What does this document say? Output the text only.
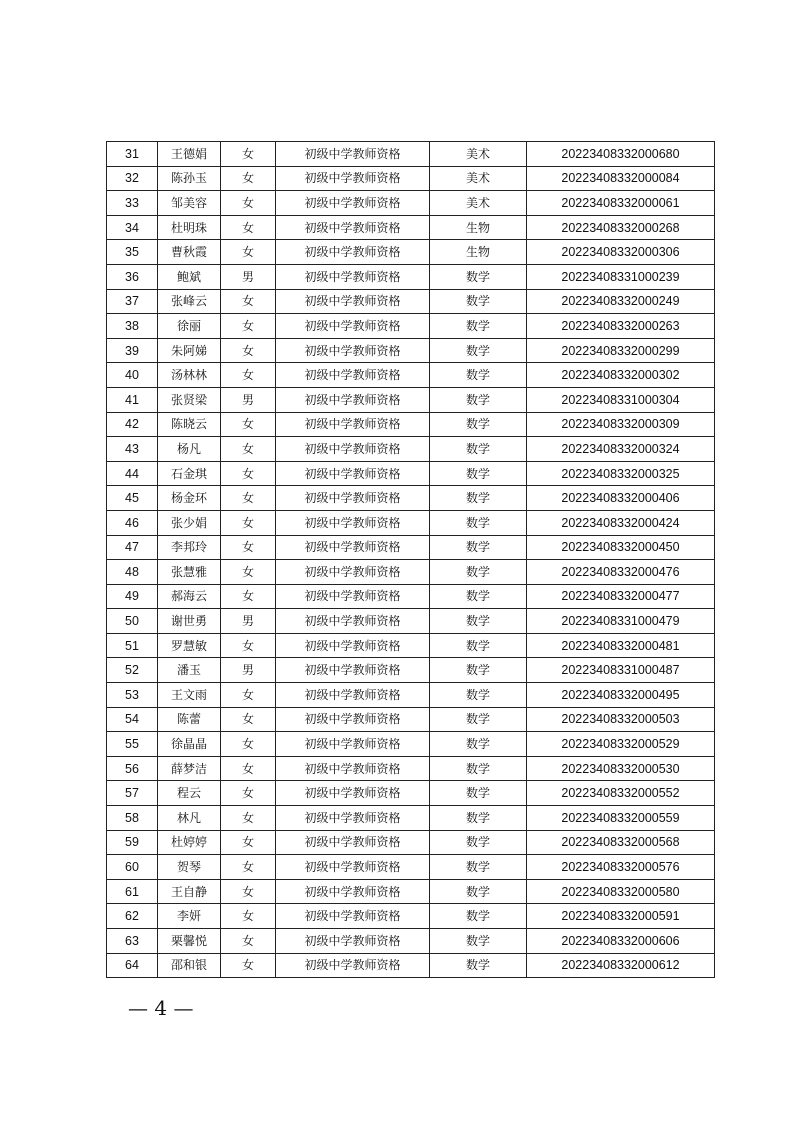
31	王德娟	女	初级中学教师资格	美术	20223408332000680
32	陈孙玉	女	初级中学教师资格	美术	20223408332000084
33	邹美容	女	初级中学教师资格	美术	20223408332000061
34	杜明珠	女	初级中学教师资格	生物	20223408332000268
35	曹秋霞	女	初级中学教师资格	生物	20223408332000306
36	鲍斌	男	初级中学教师资格	数学	20223408331000239
37	张峰云	女	初级中学教师资格	数学	20223408332000249
38	徐丽	女	初级中学教师资格	数学	20223408332000263
39	朱阿娣	女	初级中学教师资格	数学	20223408332000299
40	汤林林	女	初级中学教师资格	数学	20223408332000302
41	张贤梁	男	初级中学教师资格	数学	20223408331000304
42	陈晓云	女	初级中学教师资格	数学	20223408332000309
43	杨凡	女	初级中学教师资格	数学	20223408332000324
44	石金琪	女	初级中学教师资格	数学	20223408332000325
45	杨金环	女	初级中学教师资格	数学	20223408332000406
46	张少娟	女	初级中学教师资格	数学	20223408332000424
47	李邦玲	女	初级中学教师资格	数学	20223408332000450
48	张慧雅	女	初级中学教师资格	数学	20223408332000476
49	郝海云	女	初级中学教师资格	数学	20223408332000477
50	谢世勇	男	初级中学教师资格	数学	20223408331000479
51	罗慧敏	女	初级中学教师资格	数学	20223408332000481
52	潘玉	男	初级中学教师资格	数学	20223408331000487
53	王文雨	女	初级中学教师资格	数学	20223408332000495
54	陈蕾	女	初级中学教师资格	数学	20223408332000503
55	徐晶晶	女	初级中学教师资格	数学	20223408332000529
56	薛梦洁	女	初级中学教师资格	数学	20223408332000530
57	程云	女	初级中学教师资格	数学	20223408332000552
58	林凡	女	初级中学教师资格	数学	20223408332000559
59	杜婷婷	女	初级中学教师资格	数学	20223408332000568
60	贺琴	女	初级中学教师资格	数学	20223408332000576
61	王自静	女	初级中学教师资格	数学	20223408332000580
62	李妍	女	初级中学教师资格	数学	20223408332000591
63	栗馨悦	女	初级中学教师资格	数学	20223408332000606
64	邵和银	女	初级中学教师资格	数学	20223408332000612
— 4 —
